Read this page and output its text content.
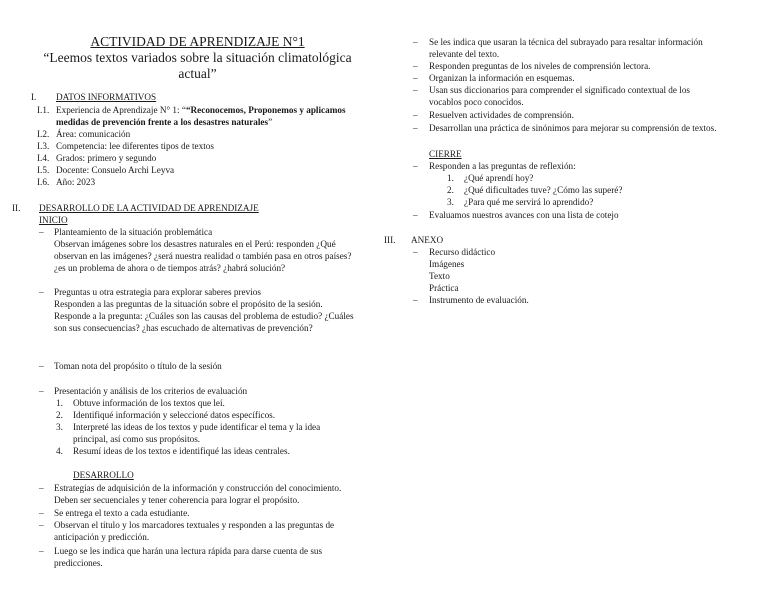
ACTIVIDAD DE APRENDIZAJE N°1
“Leemos textos variados sobre la situación climatológica actual”
I. DATOS INFORMATIVOS
I.1. Experiencia de Aprendizaje N° 1: ““Reconocemos, Proponemos y aplicamos medidas de prevención frente a los desastres naturales”
I.2. Área: comunicación
I.3. Competencia: lee diferentes tipos de textos
I.4. Grados: primero y segundo
I.5. Docente: Consuelo Archi Leyva
I.6. Año: 2023
II. DESARROLLO DE LA ACTIVIDAD DE APRENDIZAJE
INICIO
– Planteamiento de la situación problemática
Observan imágenes sobre los desastres naturales en el Perú: responden ¿Qué observan en las imágenes? ¿será nuestra realidad o también pasa en otros países? ¿es un problema de ahora o de tiempos atrás? ¿habrá solución?
– Preguntas u otra estrategia para explorar saberes previos
Responden a las preguntas de la situación sobre el propósito de la sesión. Responde a la pregunta: ¿Cuáles son las causas del problema de estudio? ¿Cuáles son sus consecuencias? ¿has escuchado de alternativas de prevención?
– Toman nota del propósito o título de la sesión
– Presentación y análisis de los criterios de evaluación
1. Obtuve información de los textos que leí.
2. Identifiqué información y seleccioné datos específicos.
3. Interpreté las ideas de los textos y pude identificar el tema y la idea principal, así como sus propósitos.
4. Resumí ideas de los textos e identifiqué las ideas centrales.
DESARROLLO
– Estrategias de adquisición de la información y construcción del conocimiento. Deben ser secuenciales y tener coherencia para lograr el propósito.
– Se entrega el texto a cada estudiante.
– Observan el título y los marcadores textuales y responden a las preguntas de anticipación y predicción.
– Luego se les indica que harán una lectura rápida para darse cuenta de sus predicciones.
– Se les indica que usaran la técnica del subrayado para resaltar información relevante del texto.
– Responden preguntas de los niveles de comprensión lectora.
– Organizan la información en esquemas.
– Usan sus diccionarios para comprender el significado contextual de los vocablos poco conocidos.
– Resuelven actividades de comprensión.
– Desarrollan una práctica de sinónimos para mejorar su comprensión de textos.
CIERRE
– Responden a las preguntas de reflexión:
1. ¿Qué aprendí hoy?
2. ¿Qué dificultades tuve? ¿Cómo las superé?
3. ¿Para qué me servirá lo aprendido?
– Evaluamos nuestros avances con una lista de cotejo
III. ANEXO
– Recurso didáctico
Imágenes
Texto
Práctica
– Instrumento de evaluación.
